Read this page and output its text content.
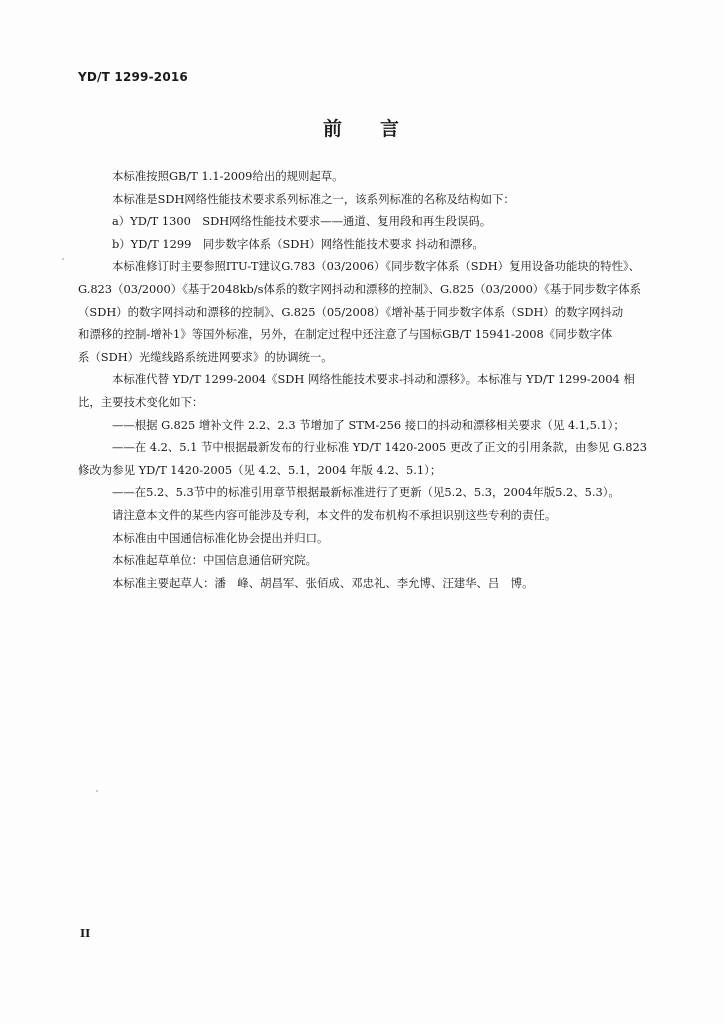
YD/T 1299-2016
前 言

本标准按照GB/T 1.1-2009给出的规则起草。

本标准是SDH网络性能技术要求系列标准之一，该系列标准的名称及结构如下：

a）YD/T 1300　SDH网络性能技术要求——通道、复用段和再生段误码。

b）YD/T 1299　同步数字体系（SDH）网络性能技术要求 抖动和漂移。

本标准修订时主要参照ITU-T建议G.783（03/2006）《同步数字体系（SDH）复用设备功能块的特性》、
G.823（03/2000）《基于2048kb/s体系的数字网抖动和漂移的控制》、G.825（03/2000）《基于同步数字体系
（SDH）的数字网抖动和漂移的控制》、G.825（05/2008）《增补基于同步数字体系（SDH）的数字网抖动
和漂移的控制-增补1》等国外标准，另外，在制定过程中还注意了与国标GB/T 15941-2008《同步数字体
系（SDH）光缆线路系统进网要求》的协调统一。
本标准代替 YD/T 1299-2004《SDH 网络性能技术要求-抖动和漂移》。本标准与 YD/T 1299-2004 相
比，主要技术变化如下：

——根据 G.825 增补文件 2.2、2.3 节增加了 STM-256 接口的抖动和漂移相关要求（见 4.1,5.1）；

——在 4.2、5.1 节中根据最新发布的行业标准 YD/T 1420-2005 更改了正文的引用条款，由参见 G.823
修改为参见 YD/T 1420-2005（见 4.2、5.1，2004 年版 4.2、5.1）；

——在5.2、5.3节中的标准引用章节根据最新标准进行了更新（见5.2、5.3，2004年版5.2、5.3）。

请注意本文件的某些内容可能涉及专利，本文件的发布机构不承担识别这些专利的责任。

本标准由中国通信标准化协会提出并归口。

本标准起草单位：中国信息通信研究院。

本标准主要起草人：潘　峰、胡昌军、张佰成、邓忠礼、李允博、汪建华、吕　博。

II
